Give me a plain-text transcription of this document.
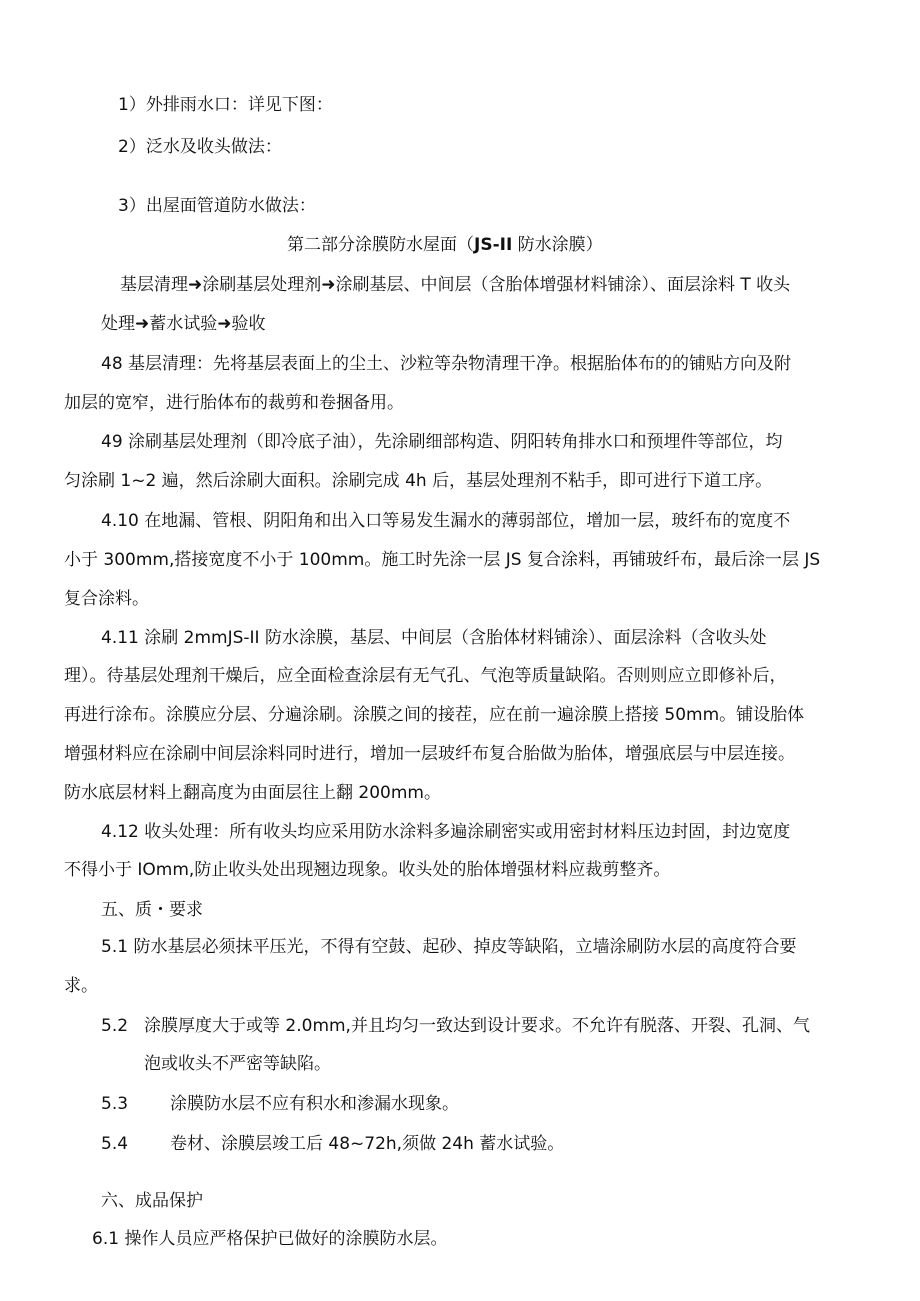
1）外排雨水口：详见下图：
2）泛水及收头做法：
3）出屋面管道防水做法：
第二部分涂膜防水屋面（JS-II 防水涂膜）
基层清理➜涂刷基层处理剂➜涂刷基层、中间层（含胎体增强材料铺涂）、面层涂料 T 收头
处理➜蓄水试验➜验收
48 基层清理：先将基层表面上的尘土、沙粒等杂物清理干净。根据胎体布的的铺贴方向及附
加层的宽窄，进行胎体布的裁剪和卷捆备用。
49 涂刷基层处理剂（即冷底子油），先涂刷细部构造、阴阳转角排水口和预埋件等部位，均
匀涂刷 1~2 遍，然后涂刷大面积。涂刷完成 4h 后，基层处理剂不粘手，即可进行下道工序。
4.10 在地漏、管根、阴阳角和出入口等易发生漏水的薄弱部位，增加一层，玻纤布的宽度不
小于 300mm,搭接宽度不小于 100mm。施工时先涂一层 JS 复合涂料，再铺玻纤布，最后涂一层 JS
复合涂料。
4.11 涂刷 2mmJS-II 防水涂膜，基层、中间层（含胎体材料铺涂）、面层涂料（含收头处
理）。待基层处理剂干燥后，应全面检查涂层有无气孔、气泡等质量缺陷。否则则应立即修补后，
再进行涂布。涂膜应分层、分遍涂刷。涂膜之间的接茬，应在前一遍涂膜上搭接 50mm。铺设胎体
增强材料应在涂刷中间层涂料同时进行，增加一层玻纤布复合胎做为胎体，增强底层与中层连接。
防水底层材料上翻高度为由面层往上翻 200mm。
4.12 收头处理：所有收头均应采用防水涂料多遍涂刷密实或用密封材料压边封固，封边宽度
不得小于 IOmm,防止收头处出现翘边现象。收头处的胎体增强材料应裁剪整齐。
五、质・要求
5.1 防水基层必须抹平压光，不得有空鼓、起砂、掉皮等缺陷，立墙涂刷防水层的高度符合要
求。
5.2 涂膜厚度大于或等 2.0mm,并且均匀一致达到设计要求。不允许有脱落、开裂、孔洞、气
泡或收头不严密等缺陷。
5.3 涂膜防水层不应有积水和渗漏水现象。
5.4 卷材、涂膜层竣工后 48~72h,须做 24h 蓄水试验。
六、成品保护
6.1 操作人员应严格保护已做好的涂膜防水层。
